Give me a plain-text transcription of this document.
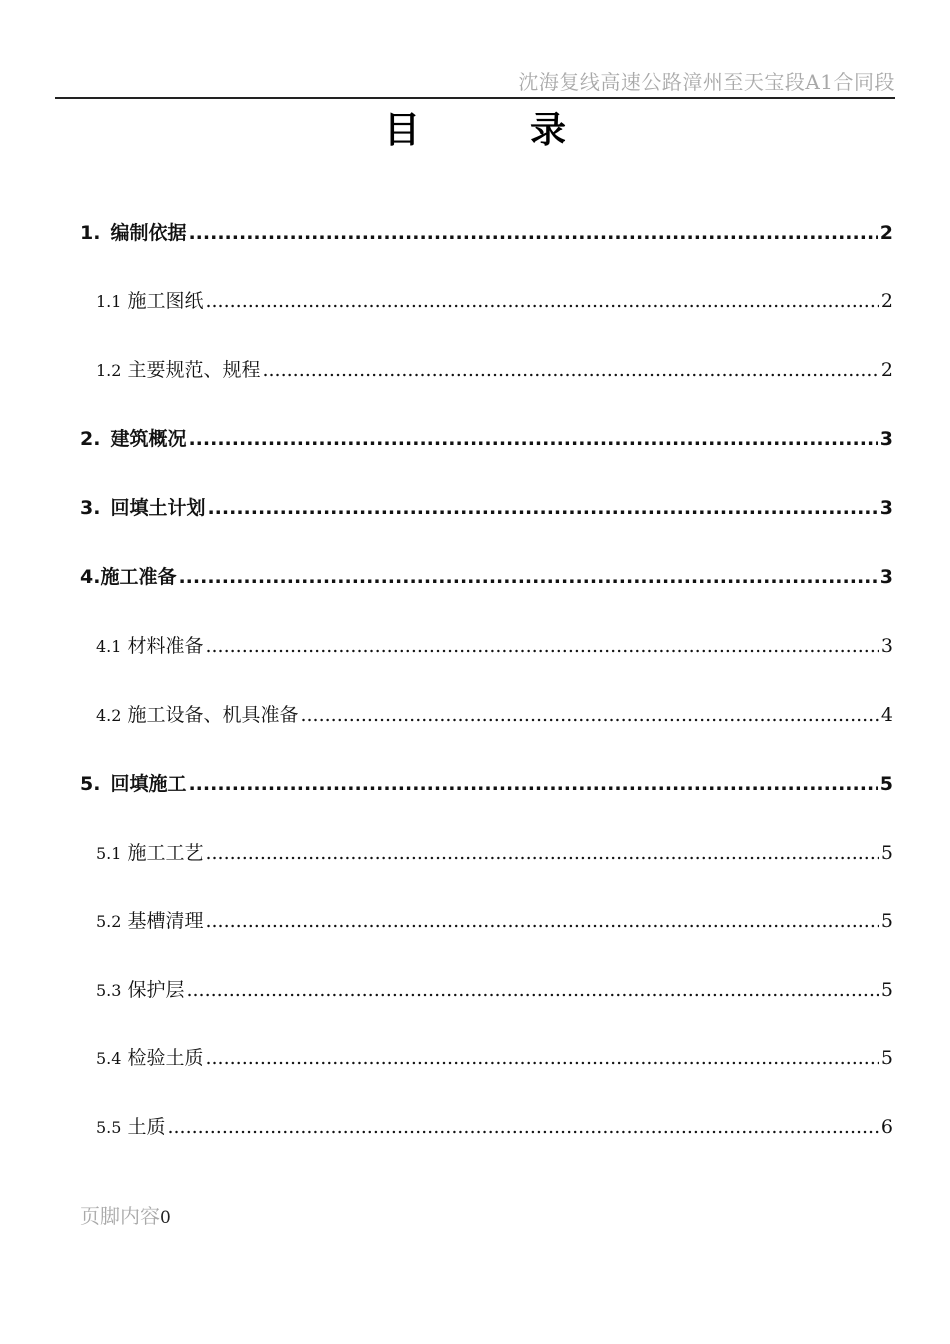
沈海复线高速公路漳州至天宝段A1合同段
目	录
1. 编制依据 .....	2
1.1 施工图纸 .....	2
1.2 主要规范、规程 .....	2
2. 建筑概况 .....	3
3. 回填土计划 .....	3
4.施工准备 .....	3
4.1 材料准备 .....	3
4.2 施工设备、机具准备 .....	4
5. 回填施工 .....	5
5.1 施工工艺 .....	5
5.2 基槽清理 .....	5
5.3 保护层 .....	5
5.4 检验土质 .....	5
5.5 土质 .....	6
页脚内容0
